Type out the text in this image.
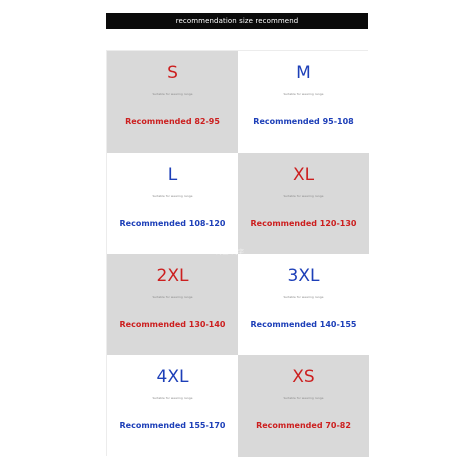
recommendation size recommend
S
Suitable for wearing range
Recommended 82-95
M
Suitable for wearing range
Recommended 95-108
L
Suitable for wearing range
Recommended 108-120
XL
Suitable for wearing range
Recommended 120-130
2XL
Suitable for wearing range
Recommended 130-140
3XL
Suitable for wearing range
Recommended 140-155
4XL
Suitable for wearing range
Recommended 155-170
XS
Suitable for wearing range
Recommended 70-82
淘宝 文字
